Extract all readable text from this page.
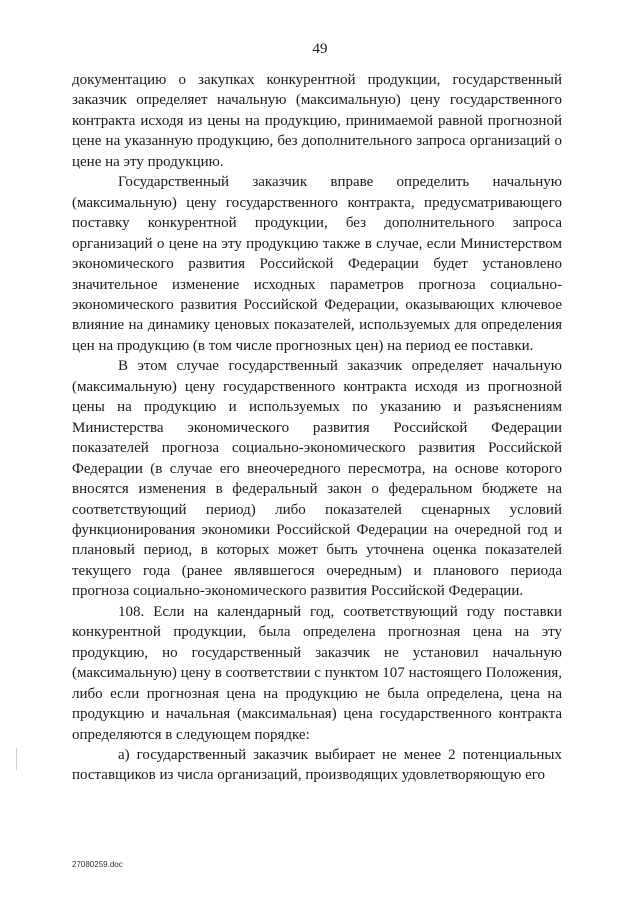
49

документацию о закупках конкурентной продукции, государственный заказчик определяет начальную (максимальную) цену государственного контракта исходя из цены на продукцию, принимаемой равной прогнозной цене на указанную продукцию, без дополнительного запроса организаций о цене на эту продукцию.

Государственный заказчик вправе определить начальную (максимальную) цену государственного контракта, предусматривающего поставку конкурентной продукции, без дополнительного запроса организаций о цене на эту продукцию также в случае, если Министерством экономического развития Российской Федерации будет установлено значительное изменение исходных параметров прогноза социально-экономического развития Российской Федерации, оказывающих ключевое влияние на динамику ценовых показателей, используемых для определения цен на продукцию (в том числе прогнозных цен) на период ее поставки.

В этом случае государственный заказчик определяет начальную (максимальную) цену государственного контракта исходя из прогнозной цены на продукцию и используемых по указанию и разъяснениям Министерства экономического развития Российской Федерации показателей прогноза социально-экономического развития Российской Федерации (в случае его внеочередного пересмотра, на основе которого вносятся изменения в федеральный закон о федеральном бюджете на соответствующий период) либо показателей сценарных условий функционирования экономики Российской Федерации на очередной год и плановый период, в которых может быть уточнена оценка показателей текущего года (ранее являвшегося очередным) и планового периода прогноза социально-экономического развития Российской Федерации.

108. Если на календарный год, соответствующий году поставки конкурентной продукции, была определена прогнозная цена на эту продукцию, но государственный заказчик не установил начальную (максимальную) цену в соответствии с пунктом 107 настоящего Положения, либо если прогнозная цена на продукцию не была определена, цена на продукцию и начальная (максимальная) цена государственного контракта определяются в следующем порядке:

а) государственный заказчик выбирает не менее 2 потенциальных поставщиков из числа организаций, производящих удовлетворяющую его

27080259.doc
